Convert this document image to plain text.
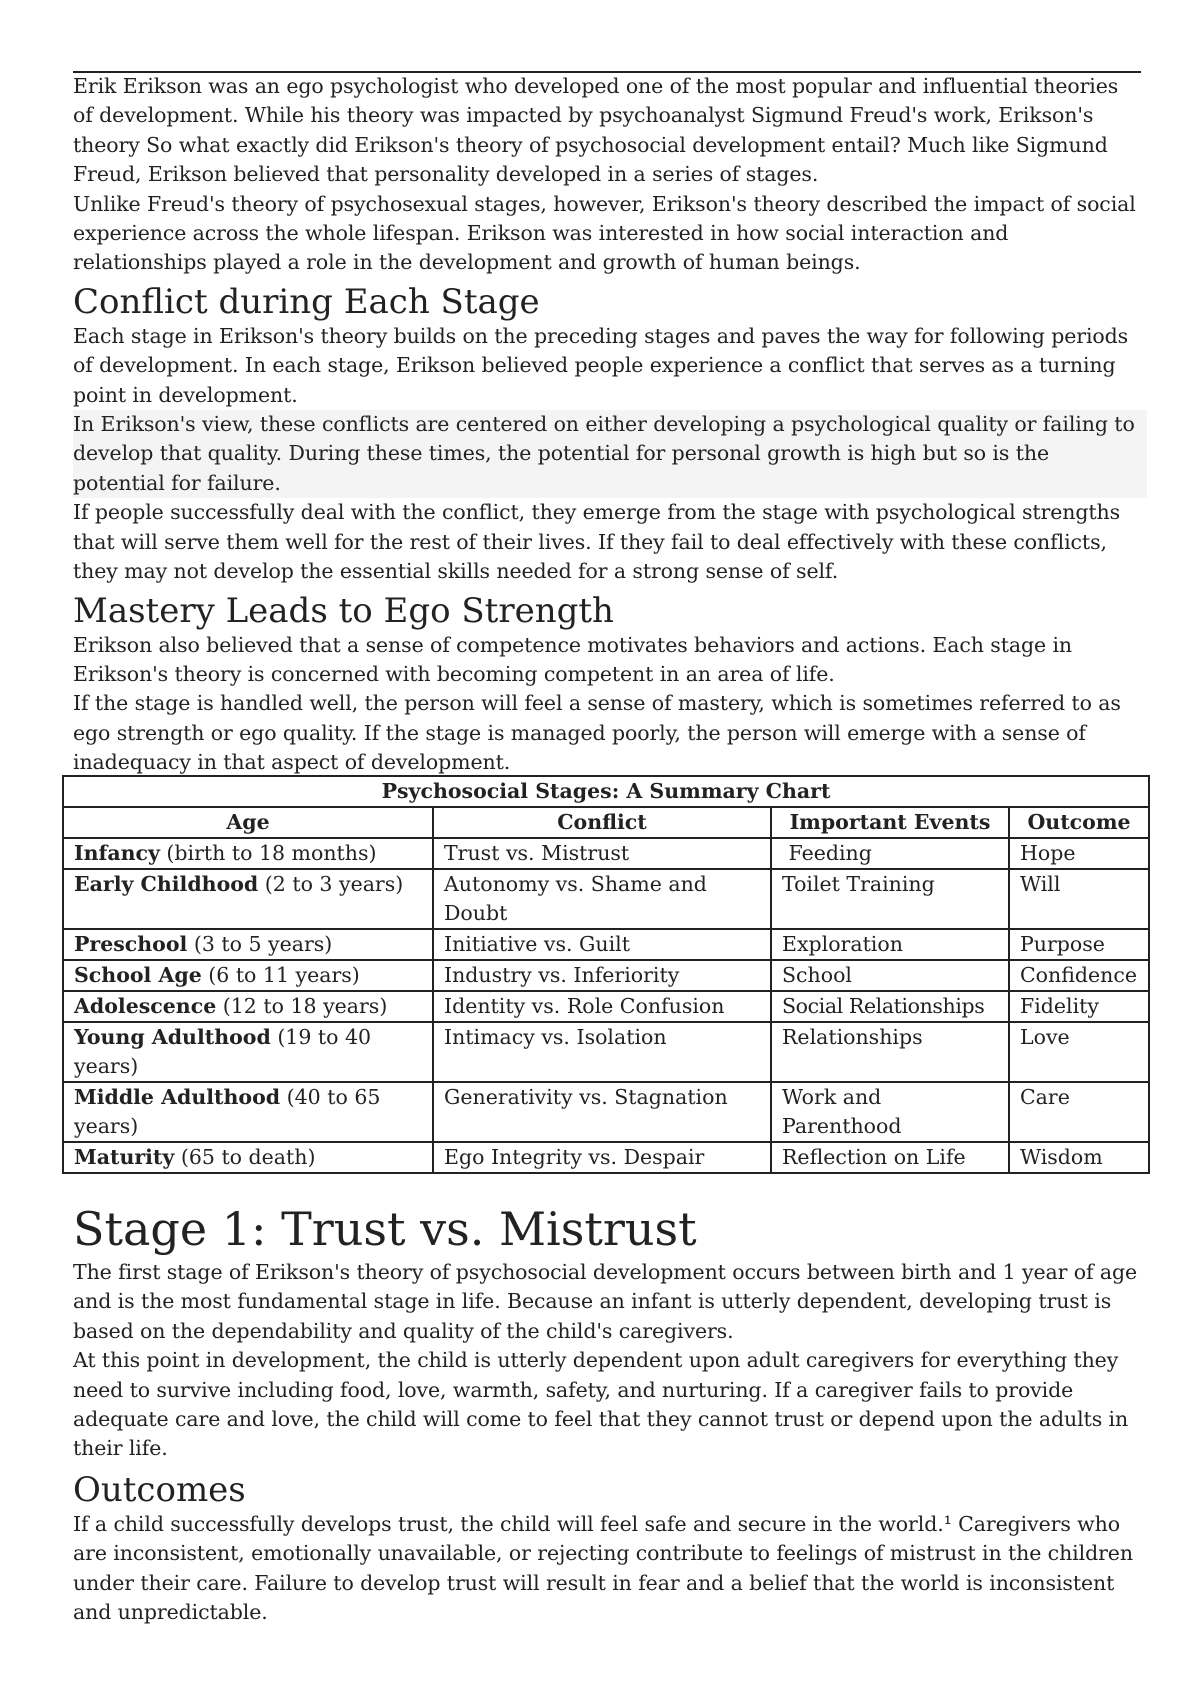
Erik Erikson was an ego psychologist who developed one of the most popular and influential theories of development. While his theory was impacted by psychoanalyst Sigmund Freud's work, Erikson's theory So what exactly did Erikson's theory of psychosocial development entail? Much like Sigmund Freud, Erikson believed that personality developed in a series of stages.

Unlike Freud's theory of psychosexual stages, however, Erikson's theory described the impact of social experience across the whole lifespan. Erikson was interested in how social interaction and relationships played a role in the development and growth of human beings.

Conflict during Each Stage

Each stage in Erikson's theory builds on the preceding stages and paves the way for following periods of development. In each stage, Erikson believed people experience a conflict that serves as a turning point in development.

In Erikson's view, these conflicts are centered on either developing a psychological quality or failing to develop that quality. During these times, the potential for personal growth is high but so is the potential for failure.

If people successfully deal with the conflict, they emerge from the stage with psychological strengths that will serve them well for the rest of their lives. If they fail to deal effectively with these conflicts, they may not develop the essential skills needed for a strong sense of self.

Mastery Leads to Ego Strength

Erikson also believed that a sense of competence motivates behaviors and actions. Each stage in Erikson's theory is concerned with becoming competent in an area of life.

If the stage is handled well, the person will feel a sense of mastery, which is sometimes referred to as ego strength or ego quality. If the stage is managed poorly, the person will emerge with a sense of inadequacy in that aspect of development.

Psychosocial Stages: A Summary Chart			
Age	Conflict	Important Events	Outcome
Infancy (birth to 18 months)	Trust vs. Mistrust	Feeding	Hope
Early Childhood (2 to 3 years)	Autonomy vs. Shame and Doubt	Toilet Training	Will
Preschool (3 to 5 years)	Initiative vs. Guilt	Exploration	Purpose
School Age (6 to 11 years)	Industry vs. Inferiority	School	Confidence
Adolescence (12 to 18 years)	Identity vs. Role Confusion	Social Relationships	Fidelity
Young Adulthood (19 to 40 years)	Intimacy vs. Isolation	Relationships	Love
Middle Adulthood (40 to 65 years)	Generativity vs. Stagnation	Work and Parenthood	Care
Maturity (65 to death)	Ego Integrity vs. Despair	Reflection on Life	Wisdom
Stage 1: Trust vs. Mistrust

The first stage of Erikson's theory of psychosocial development occurs between birth and 1 year of age and is the most fundamental stage in life. Because an infant is utterly dependent, developing trust is based on the dependability and quality of the child's caregivers.

At this point in development, the child is utterly dependent upon adult caregivers for everything they need to survive including food, love, warmth, safety, and nurturing. If a caregiver fails to provide adequate care and love, the child will come to feel that they cannot trust or depend upon the adults in their life.

Outcomes

If a child successfully develops trust, the child will feel safe and secure in the world.¹ Caregivers who are inconsistent, emotionally unavailable, or rejecting contribute to feelings of mistrust in the children under their care. Failure to develop trust will result in fear and a belief that the world is inconsistent and unpredictable.
